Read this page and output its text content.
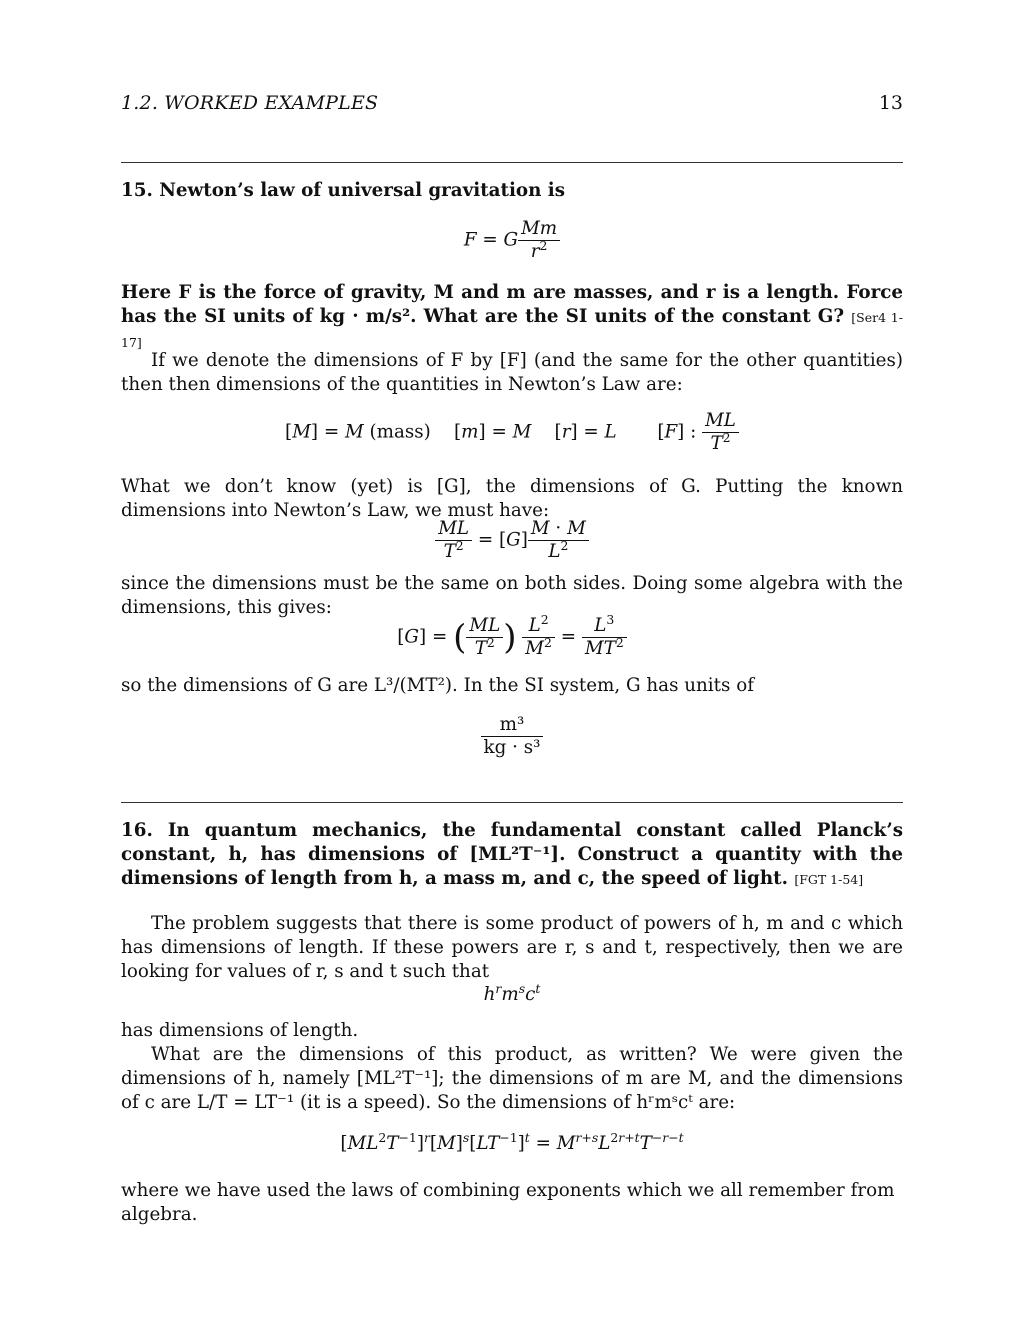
1.2. WORKED EXAMPLES	13
15. Newton’s law of universal gravitation is
F = G $\frac{Mm}{r^2}$
Here F is the force of gravity, M and m are masses, and r is a length. Force has the SI units of kg · m/s². What are the SI units of the constant G? [Ser4 1-17]
If we denote the dimensions of F by [F] (and the same for the other quantities) then then dimensions of the quantities in Newton’s Law are:
[M] = M (mass)    [m] = M    [r] = L       [F] : $\frac{ML}{T^2}$
What we don’t know (yet) is [G], the dimensions of G. Putting the known dimensions into Newton’s Law, we must have:
$\frac{ML}{T^2} = [G] \frac{M \cdot M}{L^2}$
since the dimensions must be the same on both sides. Doing some algebra with the dimensions, this gives:
[G] = ( $\frac{ML}{T^2}$ ) $\frac{L^2}{M^2} = \frac{L^3}{MT^2}$
so the dimensions of G are L³/(MT²). In the SI system, G has units of
$\frac{\text{m³}}{\text{kg · s³}}$
16. In quantum mechanics, the fundamental constant called Planck’s constant, h, has dimensions of [ML²T⁻¹]. Construct a quantity with the dimensions of length from h, a mass m, and c, the speed of light. [FGT 1-54]
The problem suggests that there is some product of powers of h, m and c which has dimensions of length. If these powers are r, s and t, respectively, then we are looking for values of r, s and t such that
$h^rm^sc^t$
has dimensions of length.
What are the dimensions of this product, as written? We were given the dimensions of h, namely [ML²T⁻¹]; the dimensions of m are M, and the dimensions of c are L/T = LT⁻¹ (it is a speed). So the dimensions of hʳmˢcᵗ are:
$[ML^2T^{-1}]^r[M]^s[LT^{-1}]^t = M^{r+s}L^{2r+t}T^{-r-t}$
where we have used the laws of combining exponents which we all remember from algebra.
